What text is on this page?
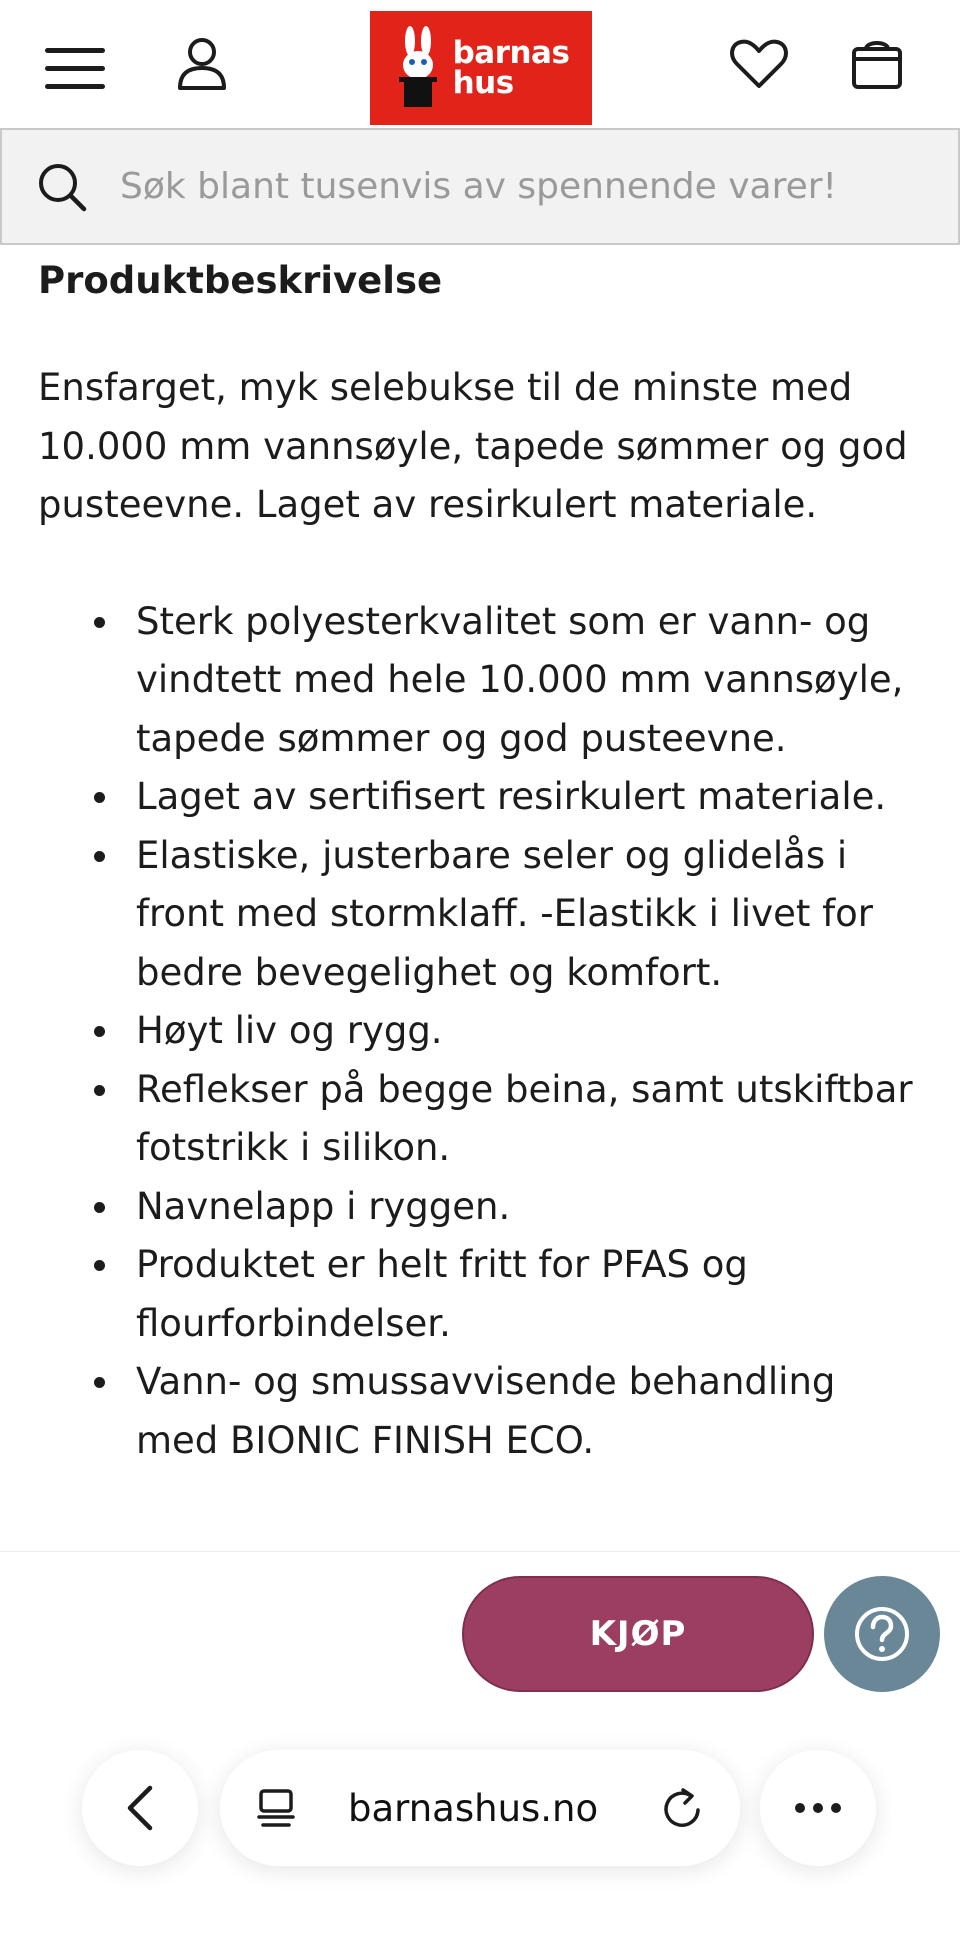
barnas
hus
Søk blant tusenvis av spennende varer!
Produktbeskrivelse

Ensfarget, myk selebukse til de minste med 10.000 mm vannsøyle, tapede sømmer og god pusteevne. Laget av resirkulert materiale.

Sterk polyesterkvalitet som er vann- og vindtett med hele 10.000 mm vannsøyle, tapede sømmer og god pusteevne.
Laget av sertifisert resirkulert materiale.
Elastiske, justerbare seler og glidelås i front med stormklaff. -Elastikk i livet for bedre bevegelighet og komfort.
Høyt liv og rygg.
Reflekser på begge beina, samt utskiftbar fotstrikk i silikon.
Navnelapp i ryggen.
Produktet er helt fritt for PFAS og flourforbindelser.
Vann- og smussavvisende behandling med BIONIC FINISH ECO.
KJØP
barnashus.no
